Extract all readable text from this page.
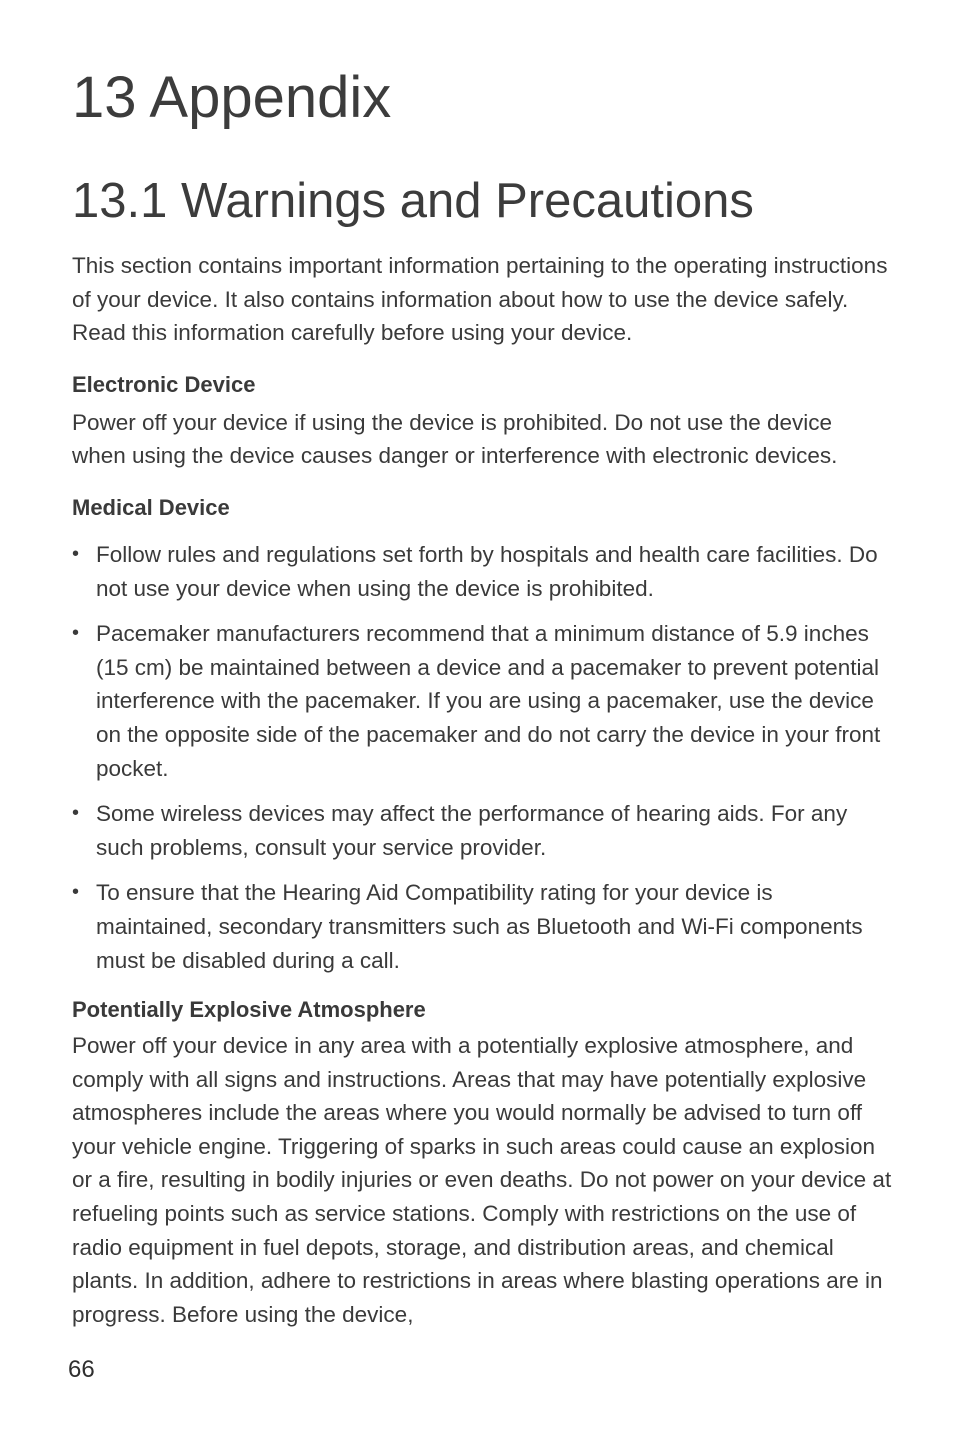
13 Appendix
13.1 Warnings and Precautions

This section contains important information pertaining to the operating instructions of your device. It also contains information about how to use the device safely. Read this information carefully before using your device.

Electronic Device

Power off your device if using the device is prohibited. Do not use the device when using the device causes danger or interference with electronic devices.

Medical Device
• Follow rules and regulations set forth by hospitals and health care facilities. Do not use your device when using the device is prohibited.
• Pacemaker manufacturers recommend that a minimum distance of 5.9 inches (15 cm) be maintained between a device and a pacemaker to prevent potential interference with the pacemaker. If you are using a pacemaker, use the device on the opposite side of the pacemaker and do not carry the device in your front pocket.
• Some wireless devices may affect the performance of hearing aids. For any such problems, consult your service provider.
• To ensure that the Hearing Aid Compatibility rating for your device is maintained, secondary transmitters such as Bluetooth and Wi-Fi components must be disabled during a call.
Potentially Explosive Atmosphere

Power off your device in any area with a potentially explosive atmosphere, and comply with all signs and instructions. Areas that may have potentially explosive atmospheres include the areas where you would normally be advised to turn off your vehicle engine. Triggering of sparks in such areas could cause an explosion or a fire, resulting in bodily injuries or even deaths. Do not power on your device at refueling points such as service stations. Comply with restrictions on the use of radio equipment in fuel depots, storage, and distribution areas, and chemical plants. In addition, adhere to restrictions in areas where blasting operations are in progress. Before using the device,

66
